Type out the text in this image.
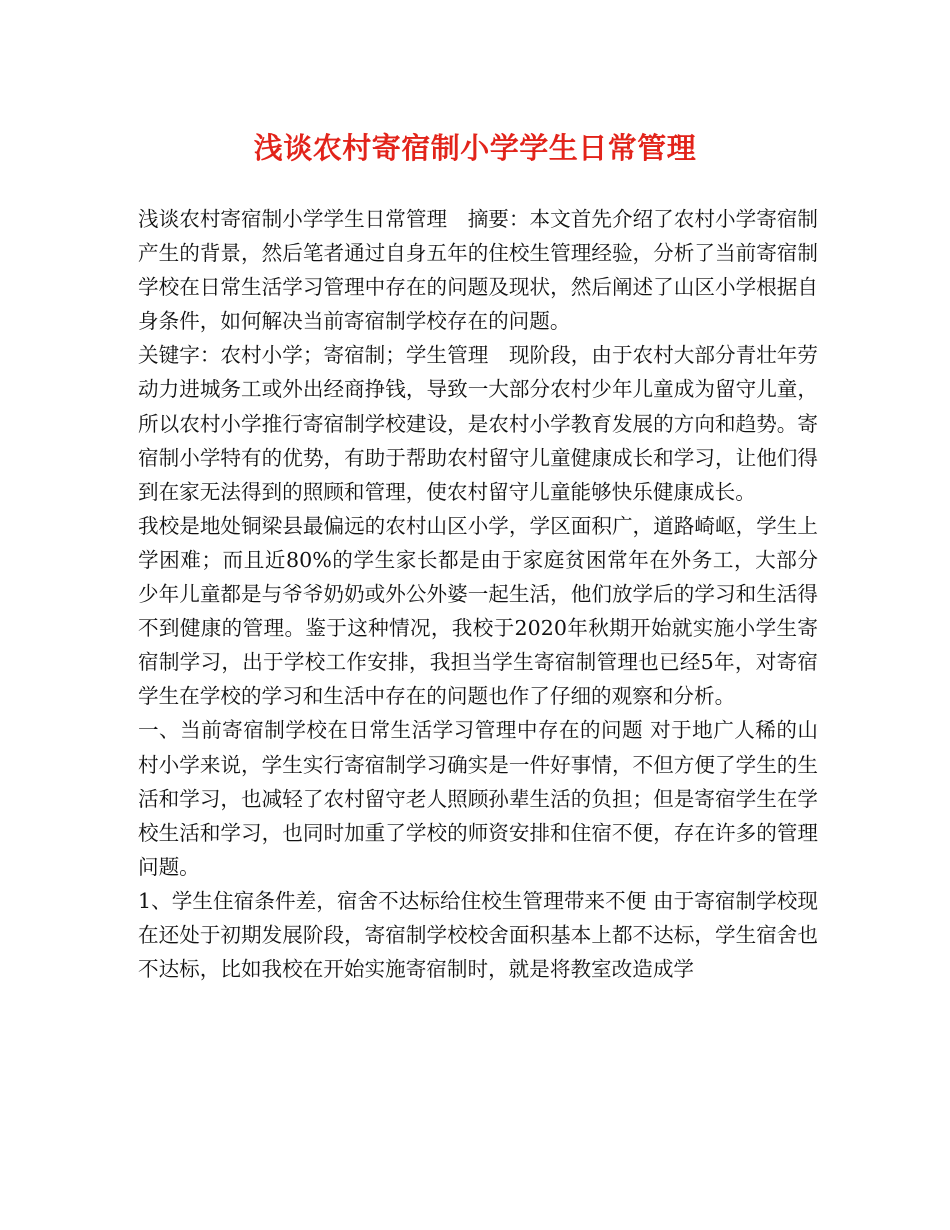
浅谈农村寄宿制小学学生日常管理

浅谈农村寄宿制小学学生日常管理　摘要：本文首先介绍了农村小学寄宿制产生的背景，然后笔者通过自身五年的住校生管理经验，分析了当前寄宿制学校在日常生活学习管理中存在的问题及现状，然后阐述了山区小学根据自身条件，如何解决当前寄宿制学校存在的问题。

关键字：农村小学；寄宿制；学生管理　现阶段，由于农村大部分青壮年劳动力进城务工或外出经商挣钱，导致一大部分农村少年儿童成为留守儿童，所以农村小学推行寄宿制学校建设，是农村小学教育发展的方向和趋势。寄宿制小学特有的优势，有助于帮助农村留守儿童健康成长和学习，让他们得到在家无法得到的照顾和管理，使农村留守儿童能够快乐健康成长。

我校是地处铜梁县最偏远的农村山区小学，学区面积广，道路崎岖，学生上学困难；而且近80%的学生家长都是由于家庭贫困常年在外务工，大部分少年儿童都是与爷爷奶奶或外公外婆一起生活，他们放学后的学习和生活得不到健康的管理。鉴于这种情况，我校于2020年秋期开始就实施小学生寄宿制学习，出于学校工作安排，我担当学生寄宿制管理也已经5年，对寄宿学生在学校的学习和生活中存在的问题也作了仔细的观察和分析。

一、当前寄宿制学校在日常生活学习管理中存在的问题 对于地广人稀的山村小学来说，学生实行寄宿制学习确实是一件好事情，不但方便了学生的生活和学习，也减轻了农村留守老人照顾孙辈生活的负担；但是寄宿学生在学校生活和学习，也同时加重了学校的师资安排和住宿不便，存在许多的管理问题。

1、学生住宿条件差，宿舍不达标给住校生管理带来不便 由于寄宿制学校现在还处于初期发展阶段，寄宿制学校校舍面积基本上都不达标，学生宿舍也不达标，比如我校在开始实施寄宿制时，就是将教室改造成学
